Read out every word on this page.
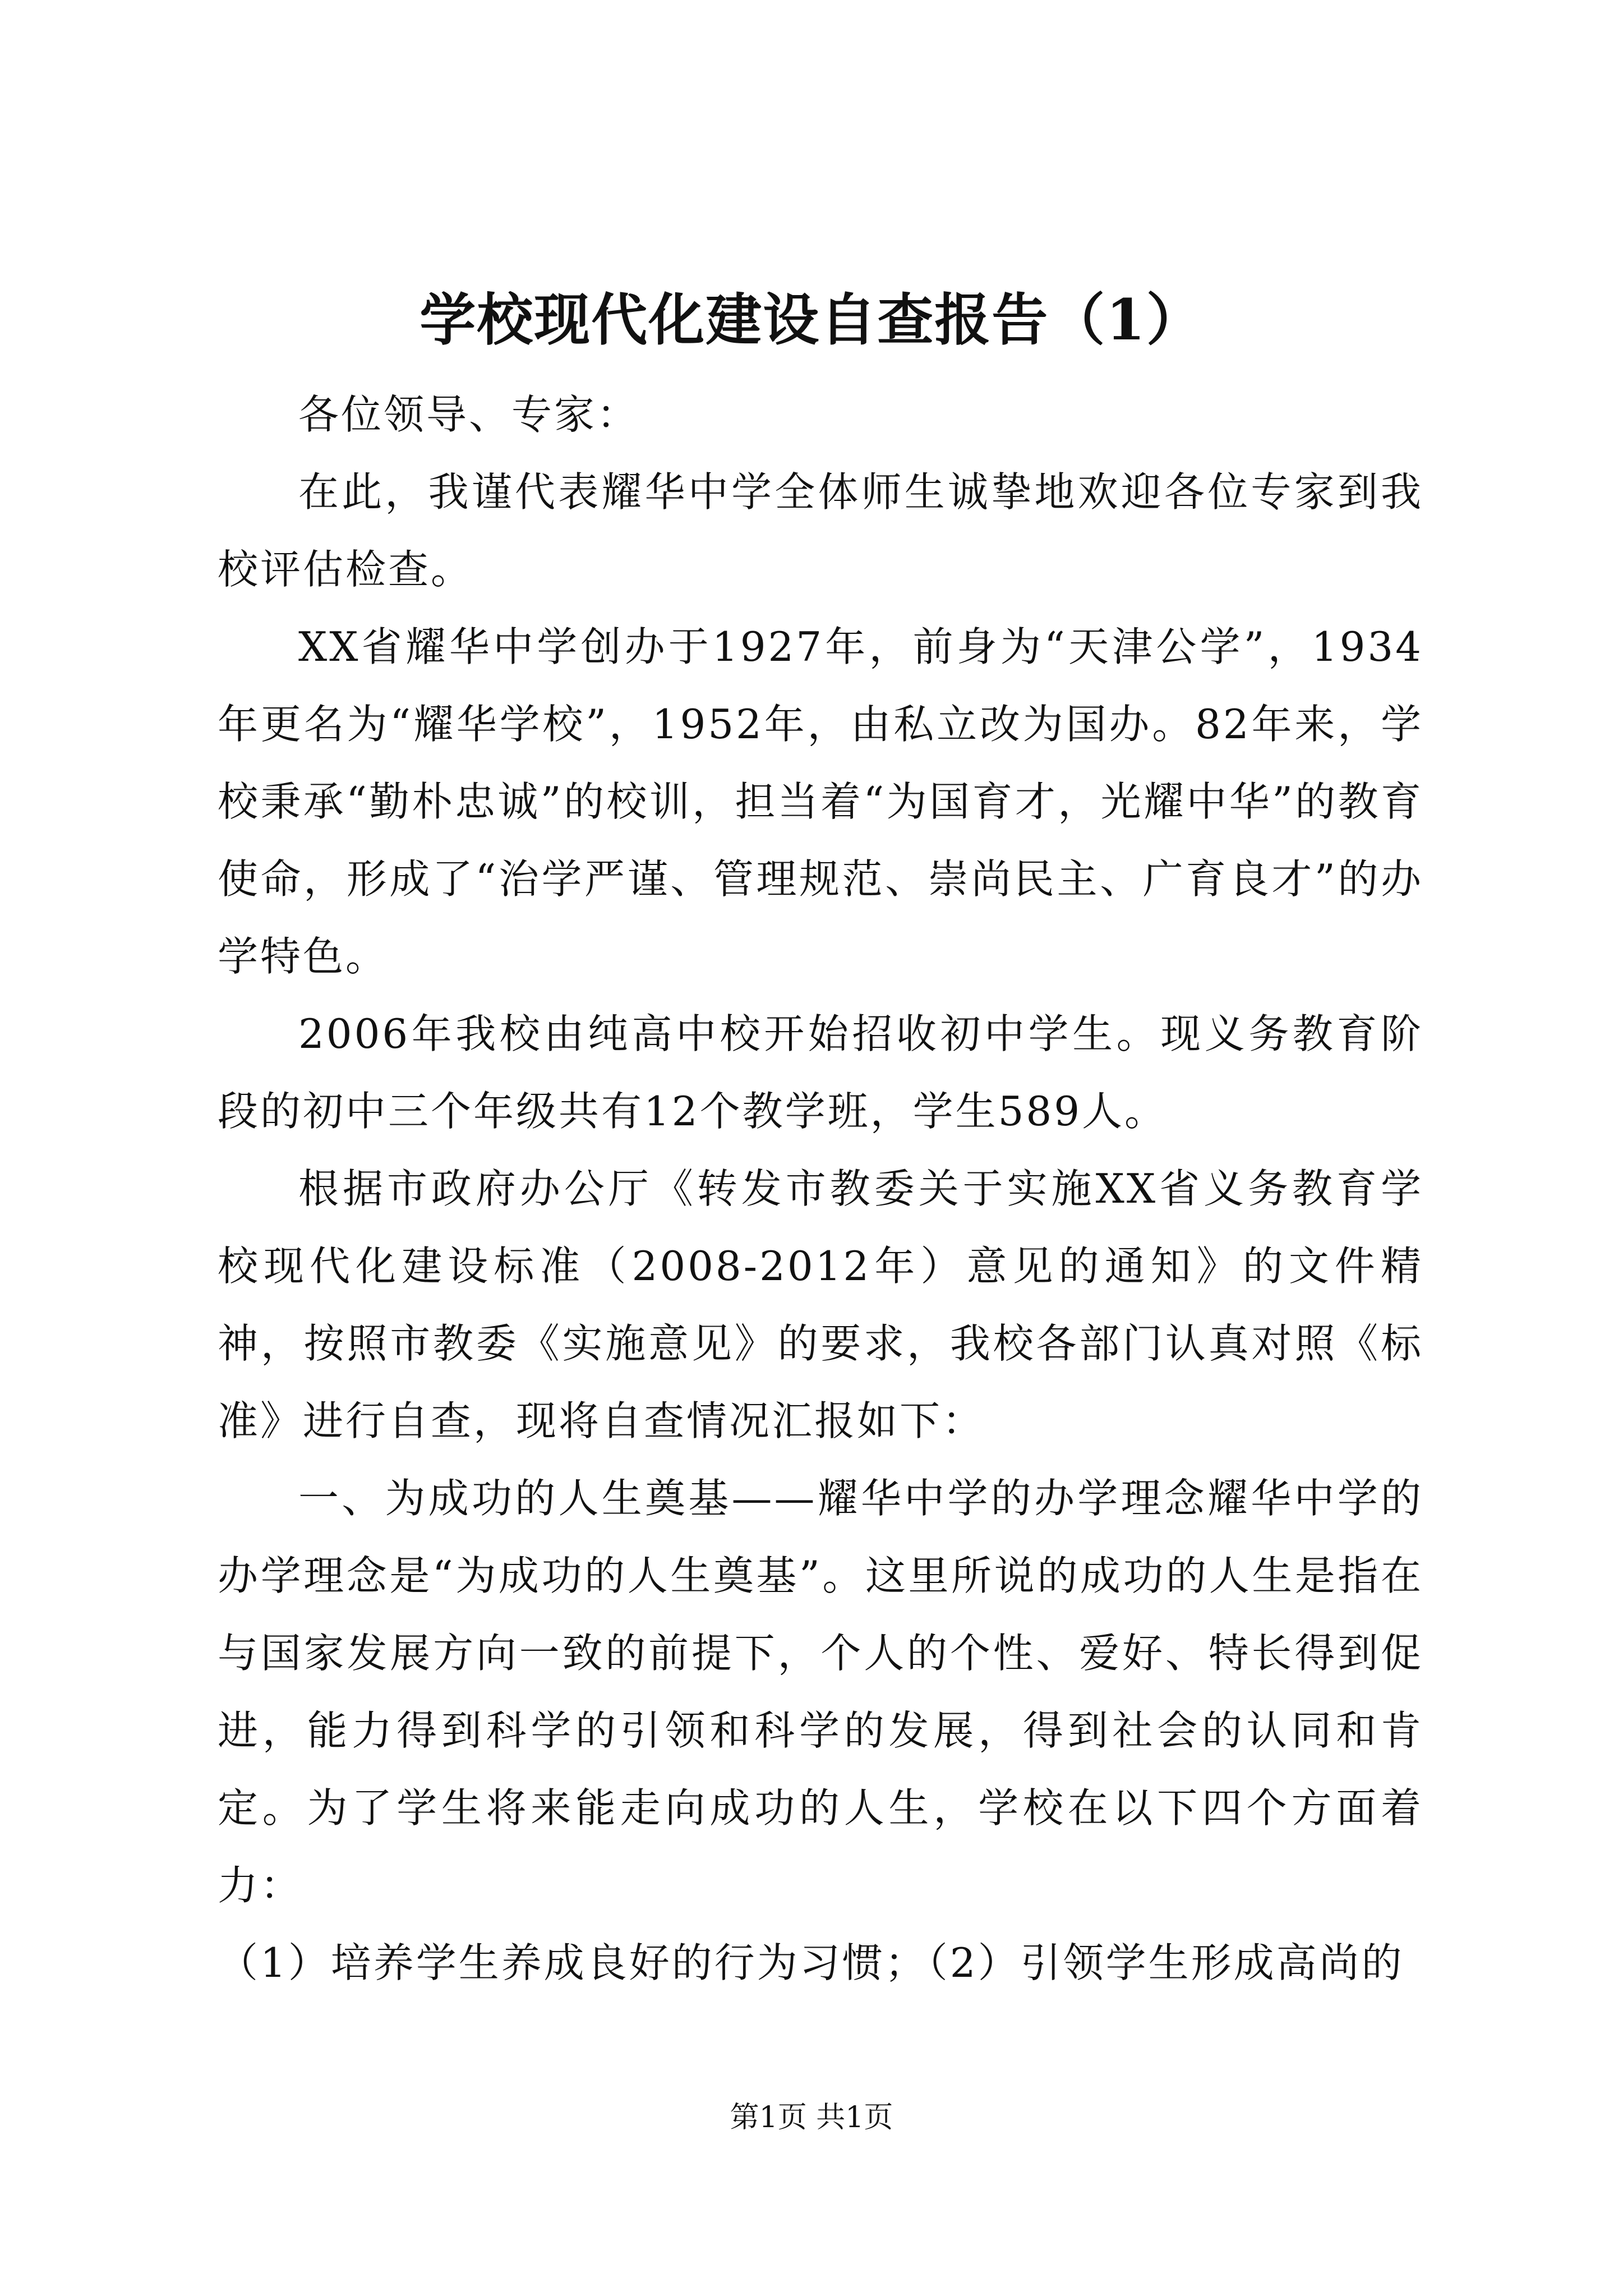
学校现代化建设自查报告（1）

各位领导、专家：

在此，我谨代表耀华中学全体师生诚挚地欢迎各位专家到我校评估检查。

XX省耀华中学创办于1927年，前身为“天津公学”，1934年更名为“耀华学校”，1952年，由私立改为国办。82年来，学校秉承“勤朴忠诚”的校训，担当着“为国育才，光耀中华”的教育使命，形成了“治学严谨、管理规范、崇尚民主、广育良才”的办学特色。

2006年我校由纯高中校开始招收初中学生。现义务教育阶段的初中三个年级共有12个教学班，学生589人。

根据市政府办公厅《转发市教委关于实施XX省义务教育学校现代化建设标准（2008-2012年）意见的通知》的文件精神，按照市教委《实施意见》的要求，我校各部门认真对照《标准》进行自查，现将自查情况汇报如下：

一、为成功的人生奠基——耀华中学的办学理念耀华中学的办学理念是“为成功的人生奠基”。这里所说的成功的人生是指在与国家发展方向一致的前提下，个人的个性、爱好、特长得到促进，能力得到科学的引领和科学的发展，得到社会的认同和肯定。为了学生将来能走向成功的人生，学校在以下四个方面着力：

（1）培养学生养成良好的行为习惯；（2）引领学生形成高尚的

第1页 共1页
